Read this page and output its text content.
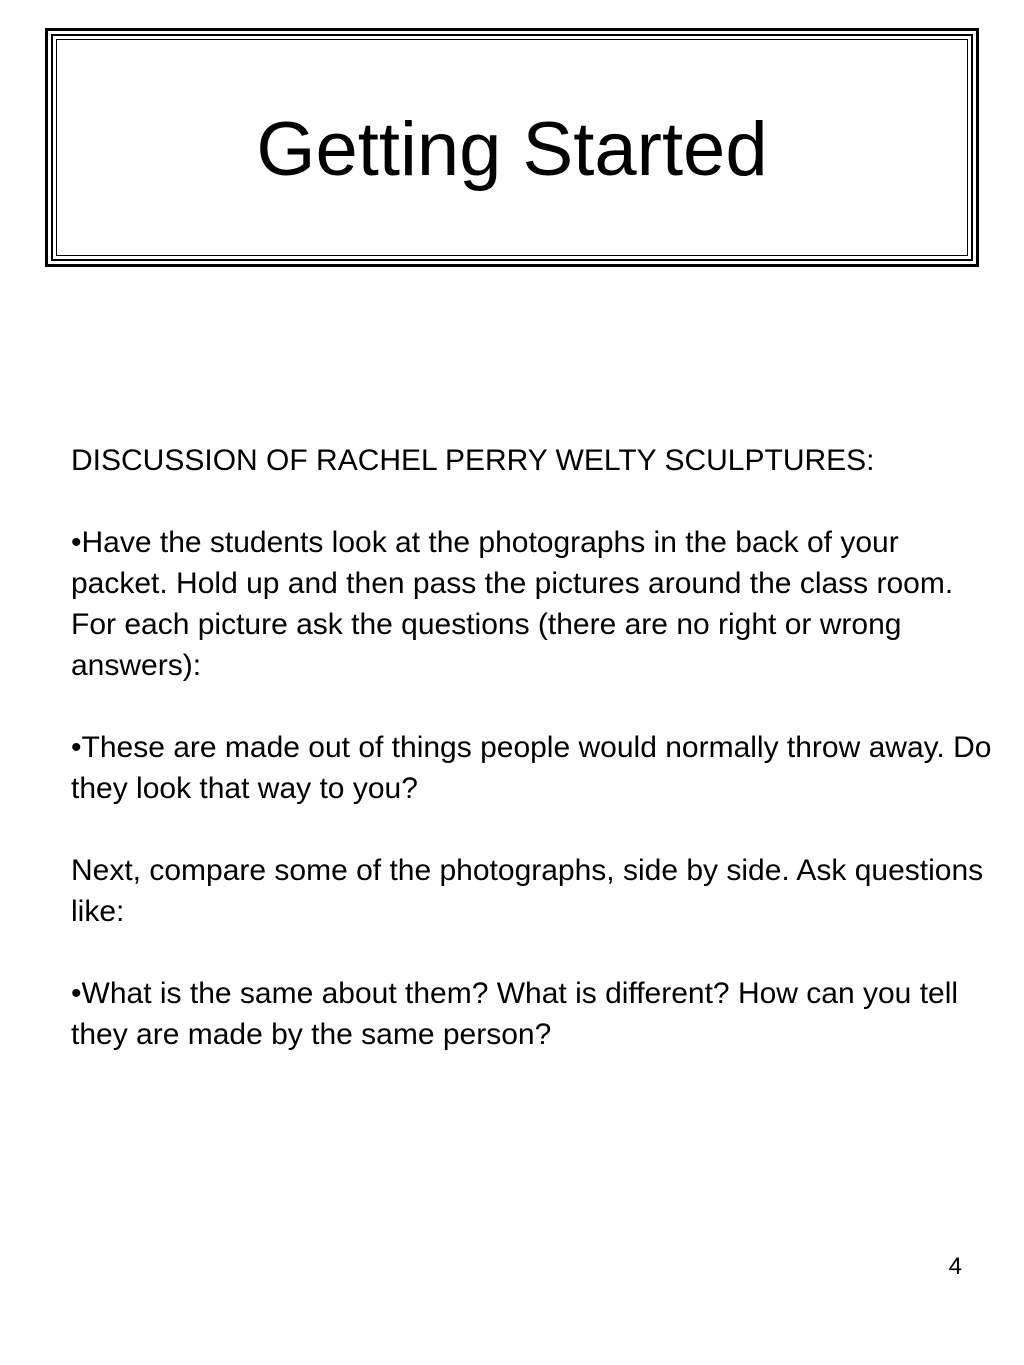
Getting Started

DISCUSSION OF RACHEL PERRY WELTY SCULPTURES:

•Have the students look at the photographs in the back of your packet. Hold up and then pass the pictures around the class room. For each picture ask the questions (there are no right or wrong answers):

•These are made out of things people would normally throw away. Do they look that way to you?

Next, compare some of the photographs, side by side. Ask questions like:

•What is the same about them? What is different? How can you tell they are made by the same person?

4
